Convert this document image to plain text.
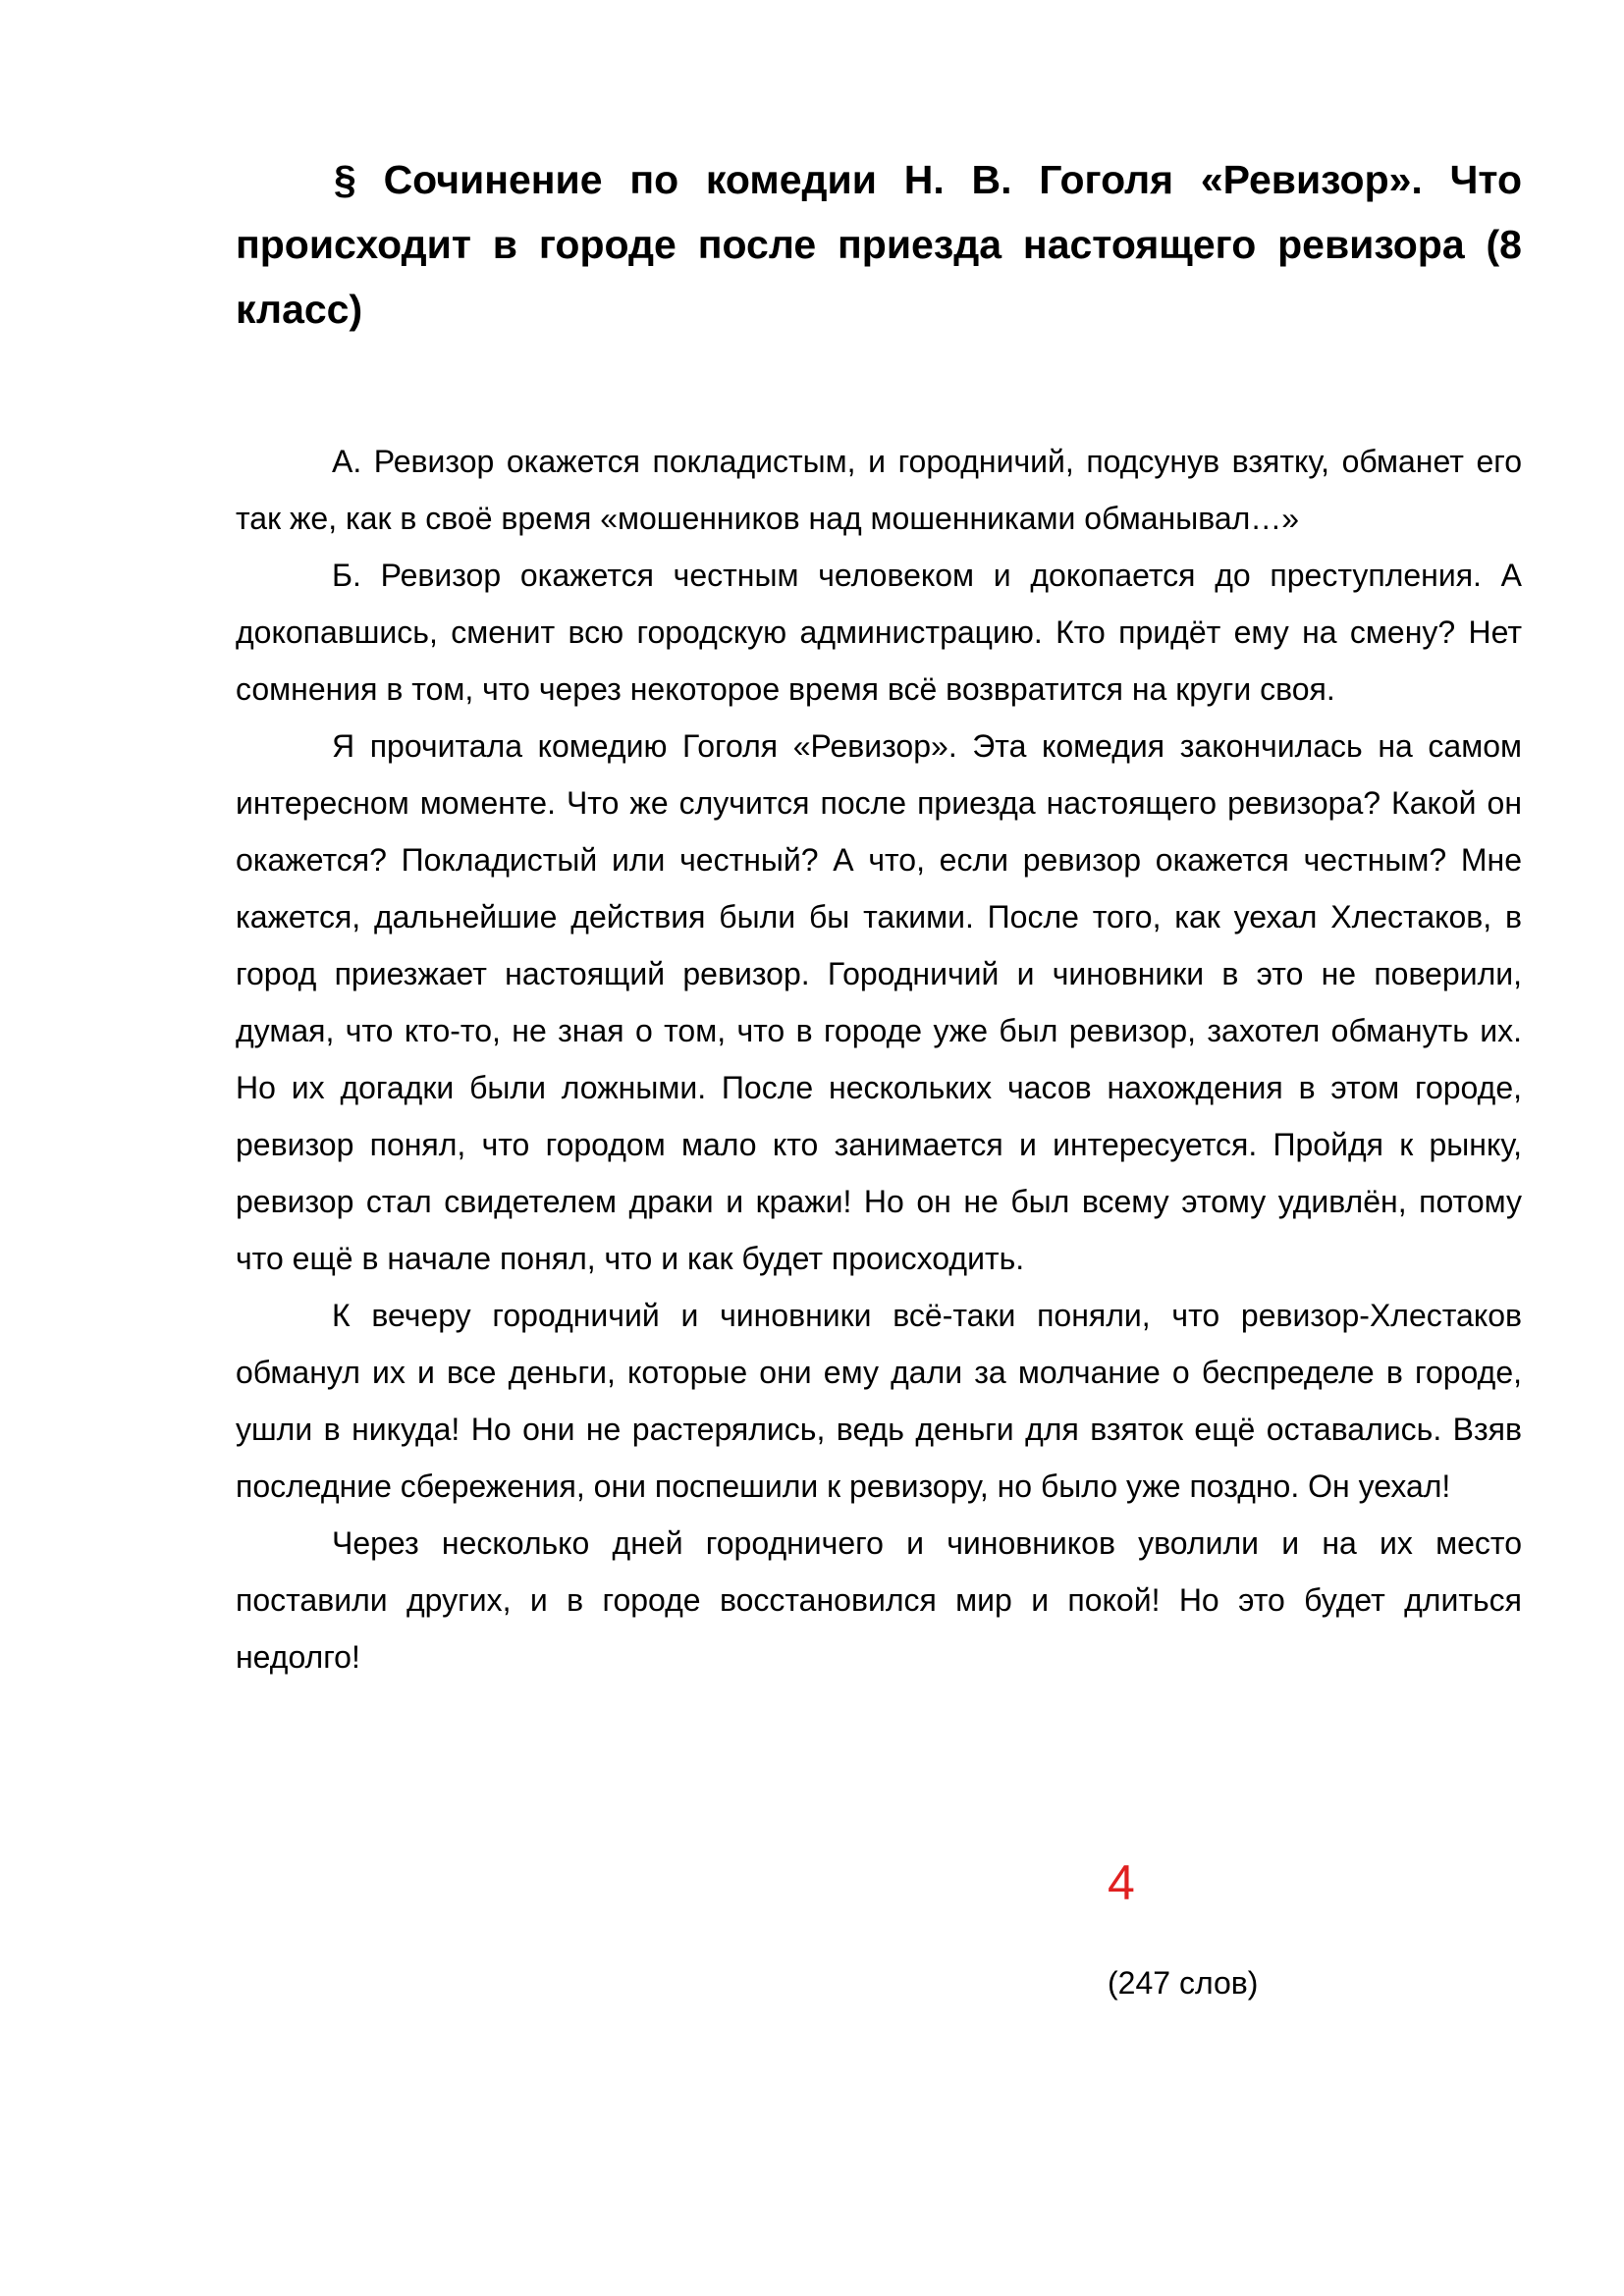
§ Сочинение по комедии Н. В. Гоголя «Ревизор». Что происходит в городе после приезда настоящего ревизора (8 класс)

А. Ревизор окажется покладистым, и городничий, подсунув взятку, обманет его так же, как в своё время «мошенников над мошенниками обманывал…»

Б. Ревизор окажется честным человеком и докопается до преступления. А докопавшись, сменит всю городскую администрацию. Кто придёт ему на смену? Нет сомнения в том, что через некоторое время всё возвратится на круги своя.

Я прочитала комедию Гоголя «Ревизор». Эта комедия закончилась на самом интересном моменте. Что же случится после приезда настоящего ревизора? Какой он окажется? Покладистый или честный? А что, если ревизор окажется честным? Мне кажется, дальнейшие действия были бы такими. После того, как уехал Хлестаков, в город приезжает настоящий ревизор. Городничий и чиновники в это не поверили, думая, что кто-то, не зная о том, что в городе уже был ревизор, захотел обмануть их. Но их догадки были ложными. После нескольких часов нахождения в этом городе, ревизор понял, что городом мало кто занимается и интересуется. Пройдя к рынку, ревизор стал свидетелем драки и кражи! Но он не был всему этому удивлён, потому что ещё в начале понял, что и как будет происходить.

К вечеру городничий и чиновники всё-таки поняли, что ревизор-Хлестаков обманул их и все деньги, которые они ему дали за молчание о беспределе в городе, ушли в никуда! Но они не растерялись, ведь деньги для взяток ещё оставались. Взяв последние сбережения, они поспешили к ревизору, но было уже поздно. Он уехал!

Через несколько дней городничего и чиновников уволили и на их место поставили других, и в городе восстановился мир и покой! Но это будет длиться недолго!

4
(247 слов)
